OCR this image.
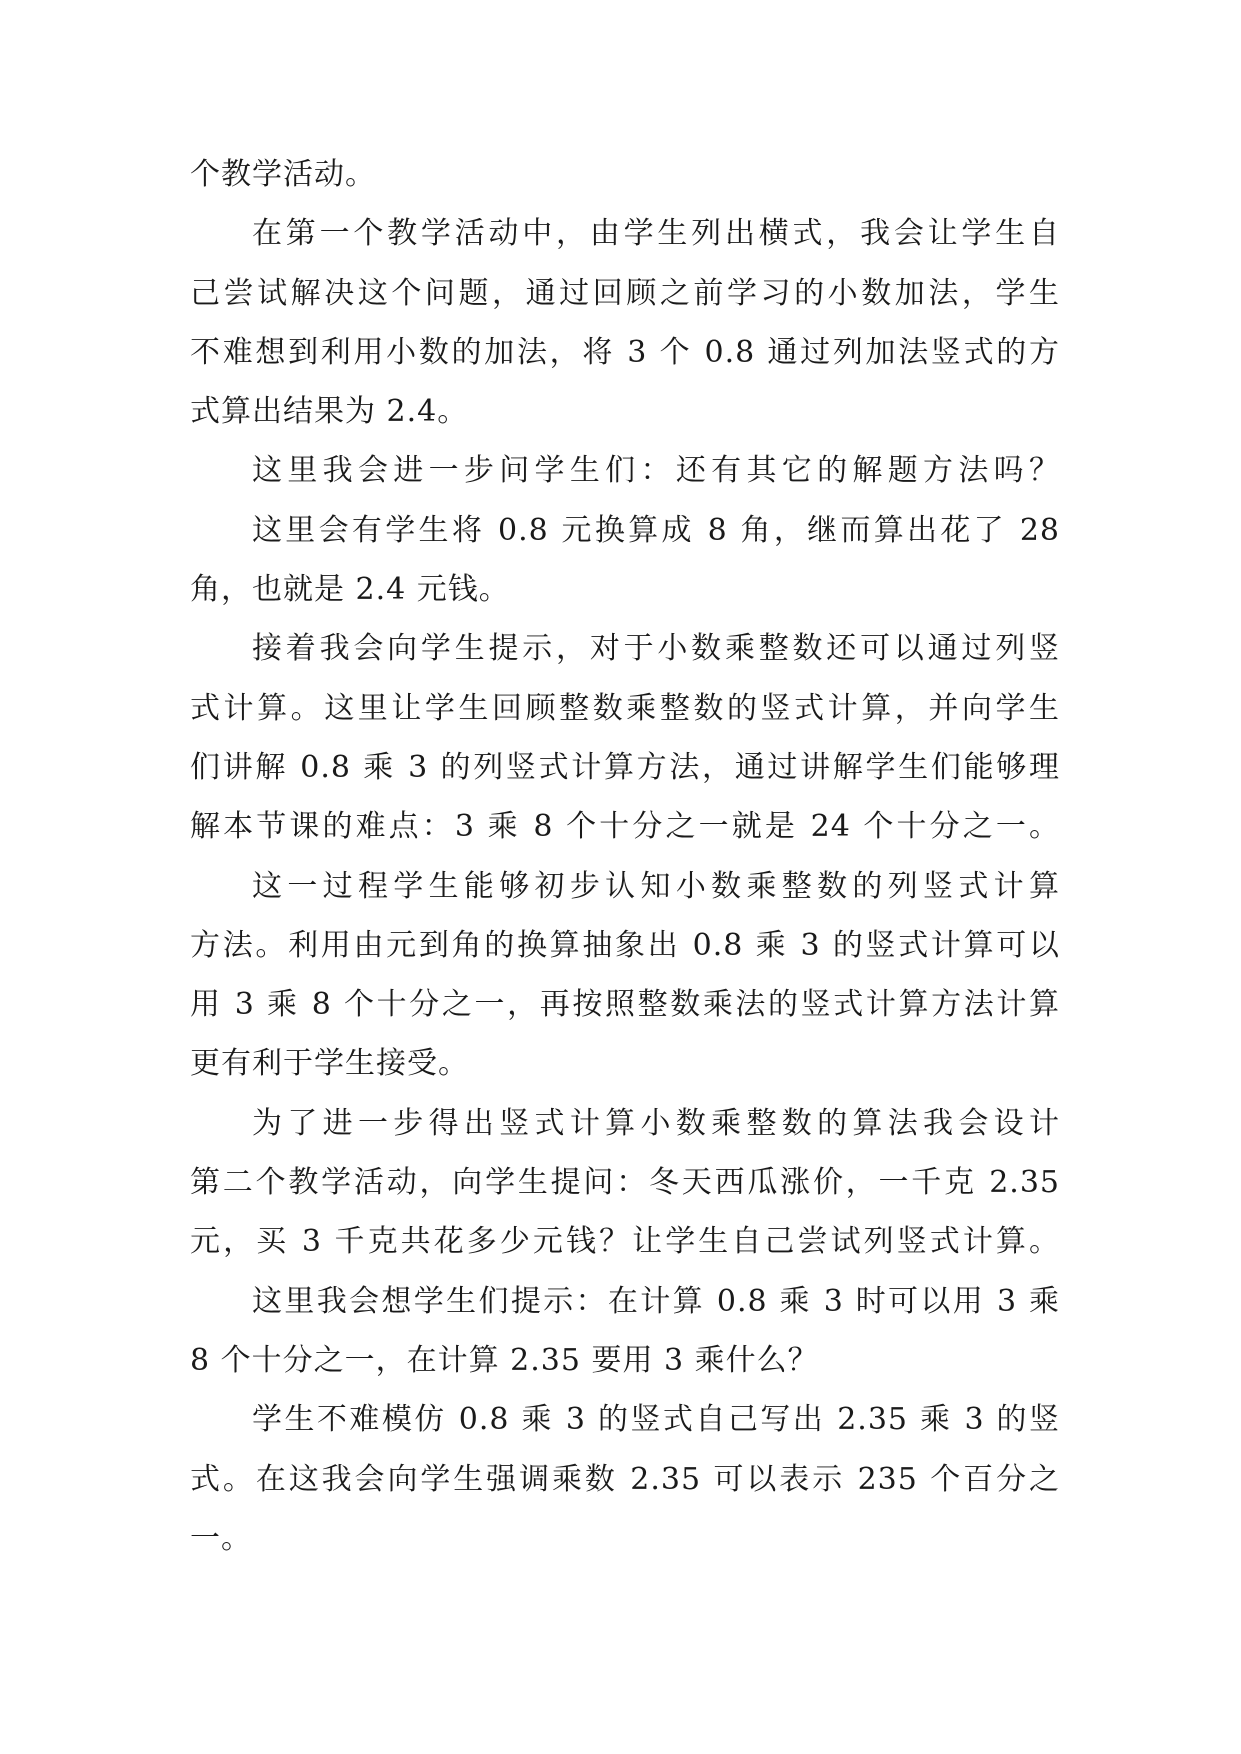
个教学活动。
在第一个教学活动中，由学生列出横式，我会让学生自
己尝试解决这个问题，通过回顾之前学习的小数加法，学生
不难想到利用小数的加法，将 3 个 0.8 通过列加法竖式的方
式算出结果为 2.4。
这里我会进一步问学生们：还有其它的解题方法吗？
这里会有学生将 0.8 元换算成 8 角，继而算出花了 28
角，也就是 2.4 元钱。
接着我会向学生提示，对于小数乘整数还可以通过列竖
式计算。这里让学生回顾整数乘整数的竖式计算，并向学生
们讲解 0.8 乘 3 的列竖式计算方法，通过讲解学生们能够理
解本节课的难点：3 乘 8 个十分之一就是 24 个十分之一。
这一过程学生能够初步认知小数乘整数的列竖式计算
方法。利用由元到角的换算抽象出 0.8 乘 3 的竖式计算可以
用 3 乘 8 个十分之一，再按照整数乘法的竖式计算方法计算
更有利于学生接受。
为了进一步得出竖式计算小数乘整数的算法我会设计
第二个教学活动，向学生提问：冬天西瓜涨价，一千克 2.35
元，买 3 千克共花多少元钱？让学生自己尝试列竖式计算。
这里我会想学生们提示：在计算 0.8 乘 3 时可以用 3 乘
8 个十分之一，在计算 2.35 要用 3 乘什么？
学生不难模仿 0.8 乘 3 的竖式自己写出 2.35 乘 3 的竖
式。在这我会向学生强调乘数 2.35 可以表示 235 个百分之
一。
